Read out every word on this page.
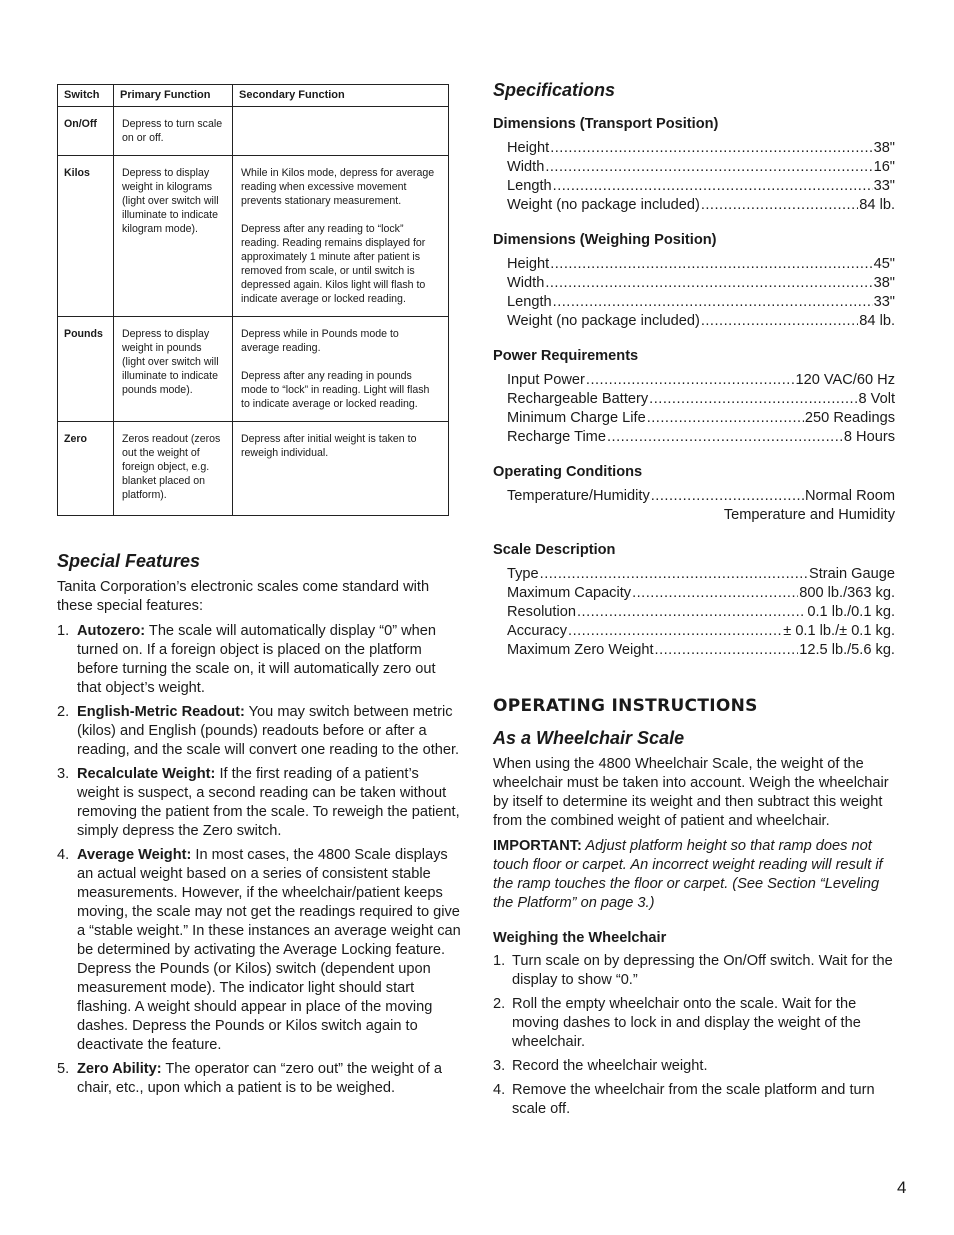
Switch	Primary Function	Secondary Function
On/Off	Depress to turn scale on or off.	
Kilos	Depress to display weight in kilograms (light over switch will illuminate to indicate kilogram mode).	While in Kilos mode, depress for average reading when excessive movement prevents stationary measurement.
Depress after any reading to “lock” reading. Reading remains displayed for approximately 1 minute after patient is removed from scale, or until switch is depressed again. Kilos light will flash to indicate average or locked reading.

Pounds	Depress to display weight in pounds (light over switch will illuminate to indicate pounds mode).	Depress while in Pounds mode to average reading.
Depress after any reading in pounds mode to “lock” in reading. Light will flash to indicate average or locked reading.

Zero	Zeros readout (zeros out the weight of foreign object, e.g. blanket placed on platform).	Depress after initial weight is taken to reweigh individual.
Special Features

Tanita Corporation’s electronic scales come standard with these special features:

1. Autozero: The scale will automatically display “0” when turned on. If a foreign object is placed on the platform before turning the scale on, it will automatically zero out that object’s weight.
2. English-Metric Readout: You may switch between metric (kilos) and English (pounds) readouts before or after a reading, and the scale will convert one reading to the other.
3. Recalculate Weight: If the first reading of a patient’s weight is suspect, a second reading can be taken without removing the patient from the scale. To reweigh the patient, simply depress the Zero switch.
4. Average Weight: In most cases, the 4800 Scale displays an actual weight based on a series of consistent stable measurements. However, if the wheelchair/patient keeps moving, the scale may not get the readings required to give a “stable weight.” In these instances an average weight can be determined by activating the Average Locking feature. Depress the Pounds (or Kilos) switch (dependent upon measurement mode). The indicator light should start flashing. A weight should appear in place of the moving dashes. Depress the Pounds or Kilos switch again to deactivate the feature.
5. Zero Ability: The operator can “zero out” the weight of a chair, etc., upon which a patient is to be weighed.
Specifications

Dimensions (Transport Position)

Height .....	38"
Width .....	16"
Length .....	33"
Weight (no package included) .....	84 lb.

Dimensions (Weighing Position)

Height .....	45"
Width .....	38"
Length .....	33"
Weight (no package included) .....	84 lb.

Power Requirements

Input Power .....	120 VAC/60 Hz
Rechargeable Battery .....	8 Volt
Minimum Charge Life .....	250 Readings
Recharge Time .....	8 Hours

Operating Conditions

Temperature/Humidity .....	Normal Room
Temperature and Humidity

Scale Description

Type .....	Strain Gauge
Maximum Capacity .....	800 lb./363 kg.
Resolution .....	0.1 lb./0.1 kg.
Accuracy .....	± 0.1 lb./± 0.1 kg.
Maximum Zero Weight .....	12.5 lb./5.6 kg.
OPERATING INSTRUCTIONS
As a Wheelchair Scale

When using the 4800 Wheelchair Scale, the weight of the wheelchair must be taken into account. Weigh the wheelchair by itself to determine its weight and then subtract this weight from the combined weight of patient and wheelchair.

IMPORTANT: Adjust platform height so that ramp does not touch floor or carpet. An incorrect weight reading will result if the ramp touches the floor or carpet. (See Section “Leveling the Platform” on page 3.)

Weighing the Wheelchair

1. Turn scale on by depressing the On/Off switch. Wait for the display to show “0.”
2. Roll the empty wheelchair onto the scale. Wait for the moving dashes to lock in and display the weight of the wheelchair.
3. Record the wheelchair weight.
4. Remove the wheelchair from the scale platform and turn scale off.
4
